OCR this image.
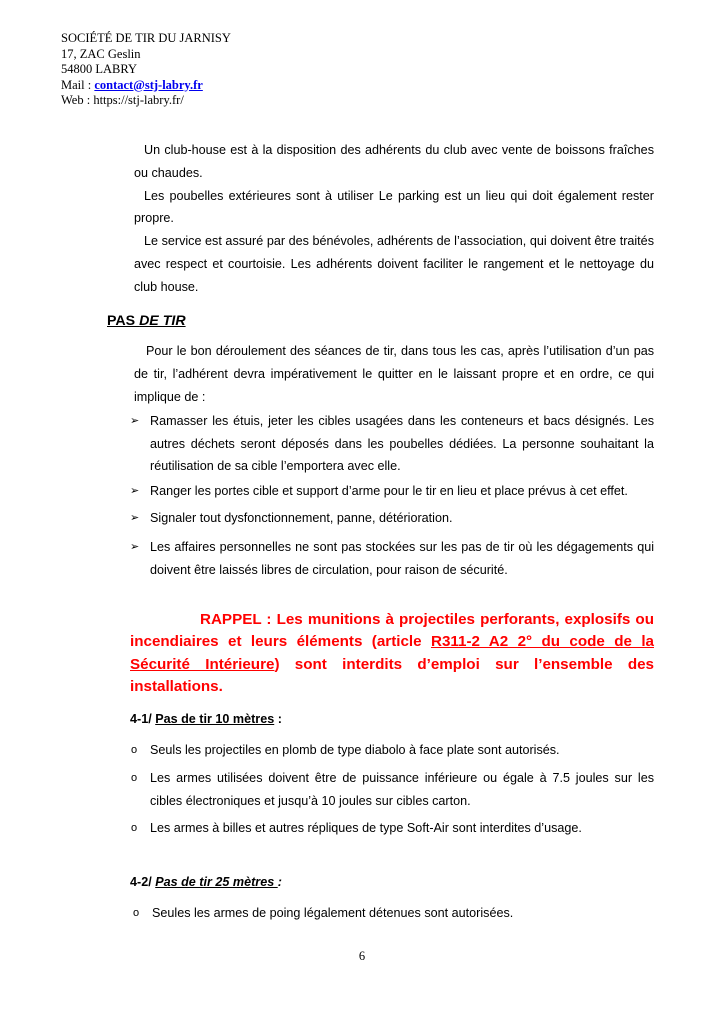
SOCIÉTÉ DE TIR DU JARNISY
17, ZAC Geslin
54800 LABRY
Mail : contact@stj-labry.fr
Web : https://stj-labry.fr/

Un club-house est à la disposition des adhérents du club avec vente de boissons fraîches ou chaudes.

Les poubelles extérieures sont à utiliser Le parking est un lieu qui doit également rester propre.

Le service est assuré par des bénévoles, adhérents de l’association, qui doivent être traités avec respect et courtoisie. Les adhérents doivent faciliter le rangement et le nettoyage du club house.

PAS DE TIR

Pour le bon déroulement des séances de tir, dans tous les cas, après l’utilisation d’un pas de tir, l’adhérent devra impérativement le quitter en le laissant propre et en ordre, ce qui implique de :

➢ Ramasser les étuis, jeter les cibles usagées dans les conteneurs et bacs désignés. Les autres déchets seront déposés dans les poubelles dédiées. La personne souhaitant la réutilisation de sa cible l’emportera avec elle.
➢ Ranger les portes cible et support d’arme pour le tir en lieu et place prévus à cet effet.
➢ Signaler tout dysfonctionnement, panne, détérioration.
➢ Les affaires personnelles ne sont pas stockées sur les pas de tir où les dégagements qui doivent être laissés libres de circulation, pour raison de sécurité.
RAPPEL : Les munitions à projectiles perforants, explosifs ou incendiaires et leurs éléments (article R311-2 A2 2° du code de la Sécurité Intérieure) sont interdits d’emploi sur l’ensemble des installations.
4-1/ Pas de tir 10 mètres :
o Seuls les projectiles en plomb de type diabolo à face plate sont autorisés.
o Les armes utilisées doivent être de puissance inférieure ou égale à 7.5 joules sur les cibles électroniques et jusqu’à 10 joules sur cibles carton.
o Les armes à billes et autres répliques de type Soft-Air sont interdites d’usage.
4-2/ Pas de tir 25 mètres :
o Seules les armes de poing légalement détenues sont autorisées.
6
